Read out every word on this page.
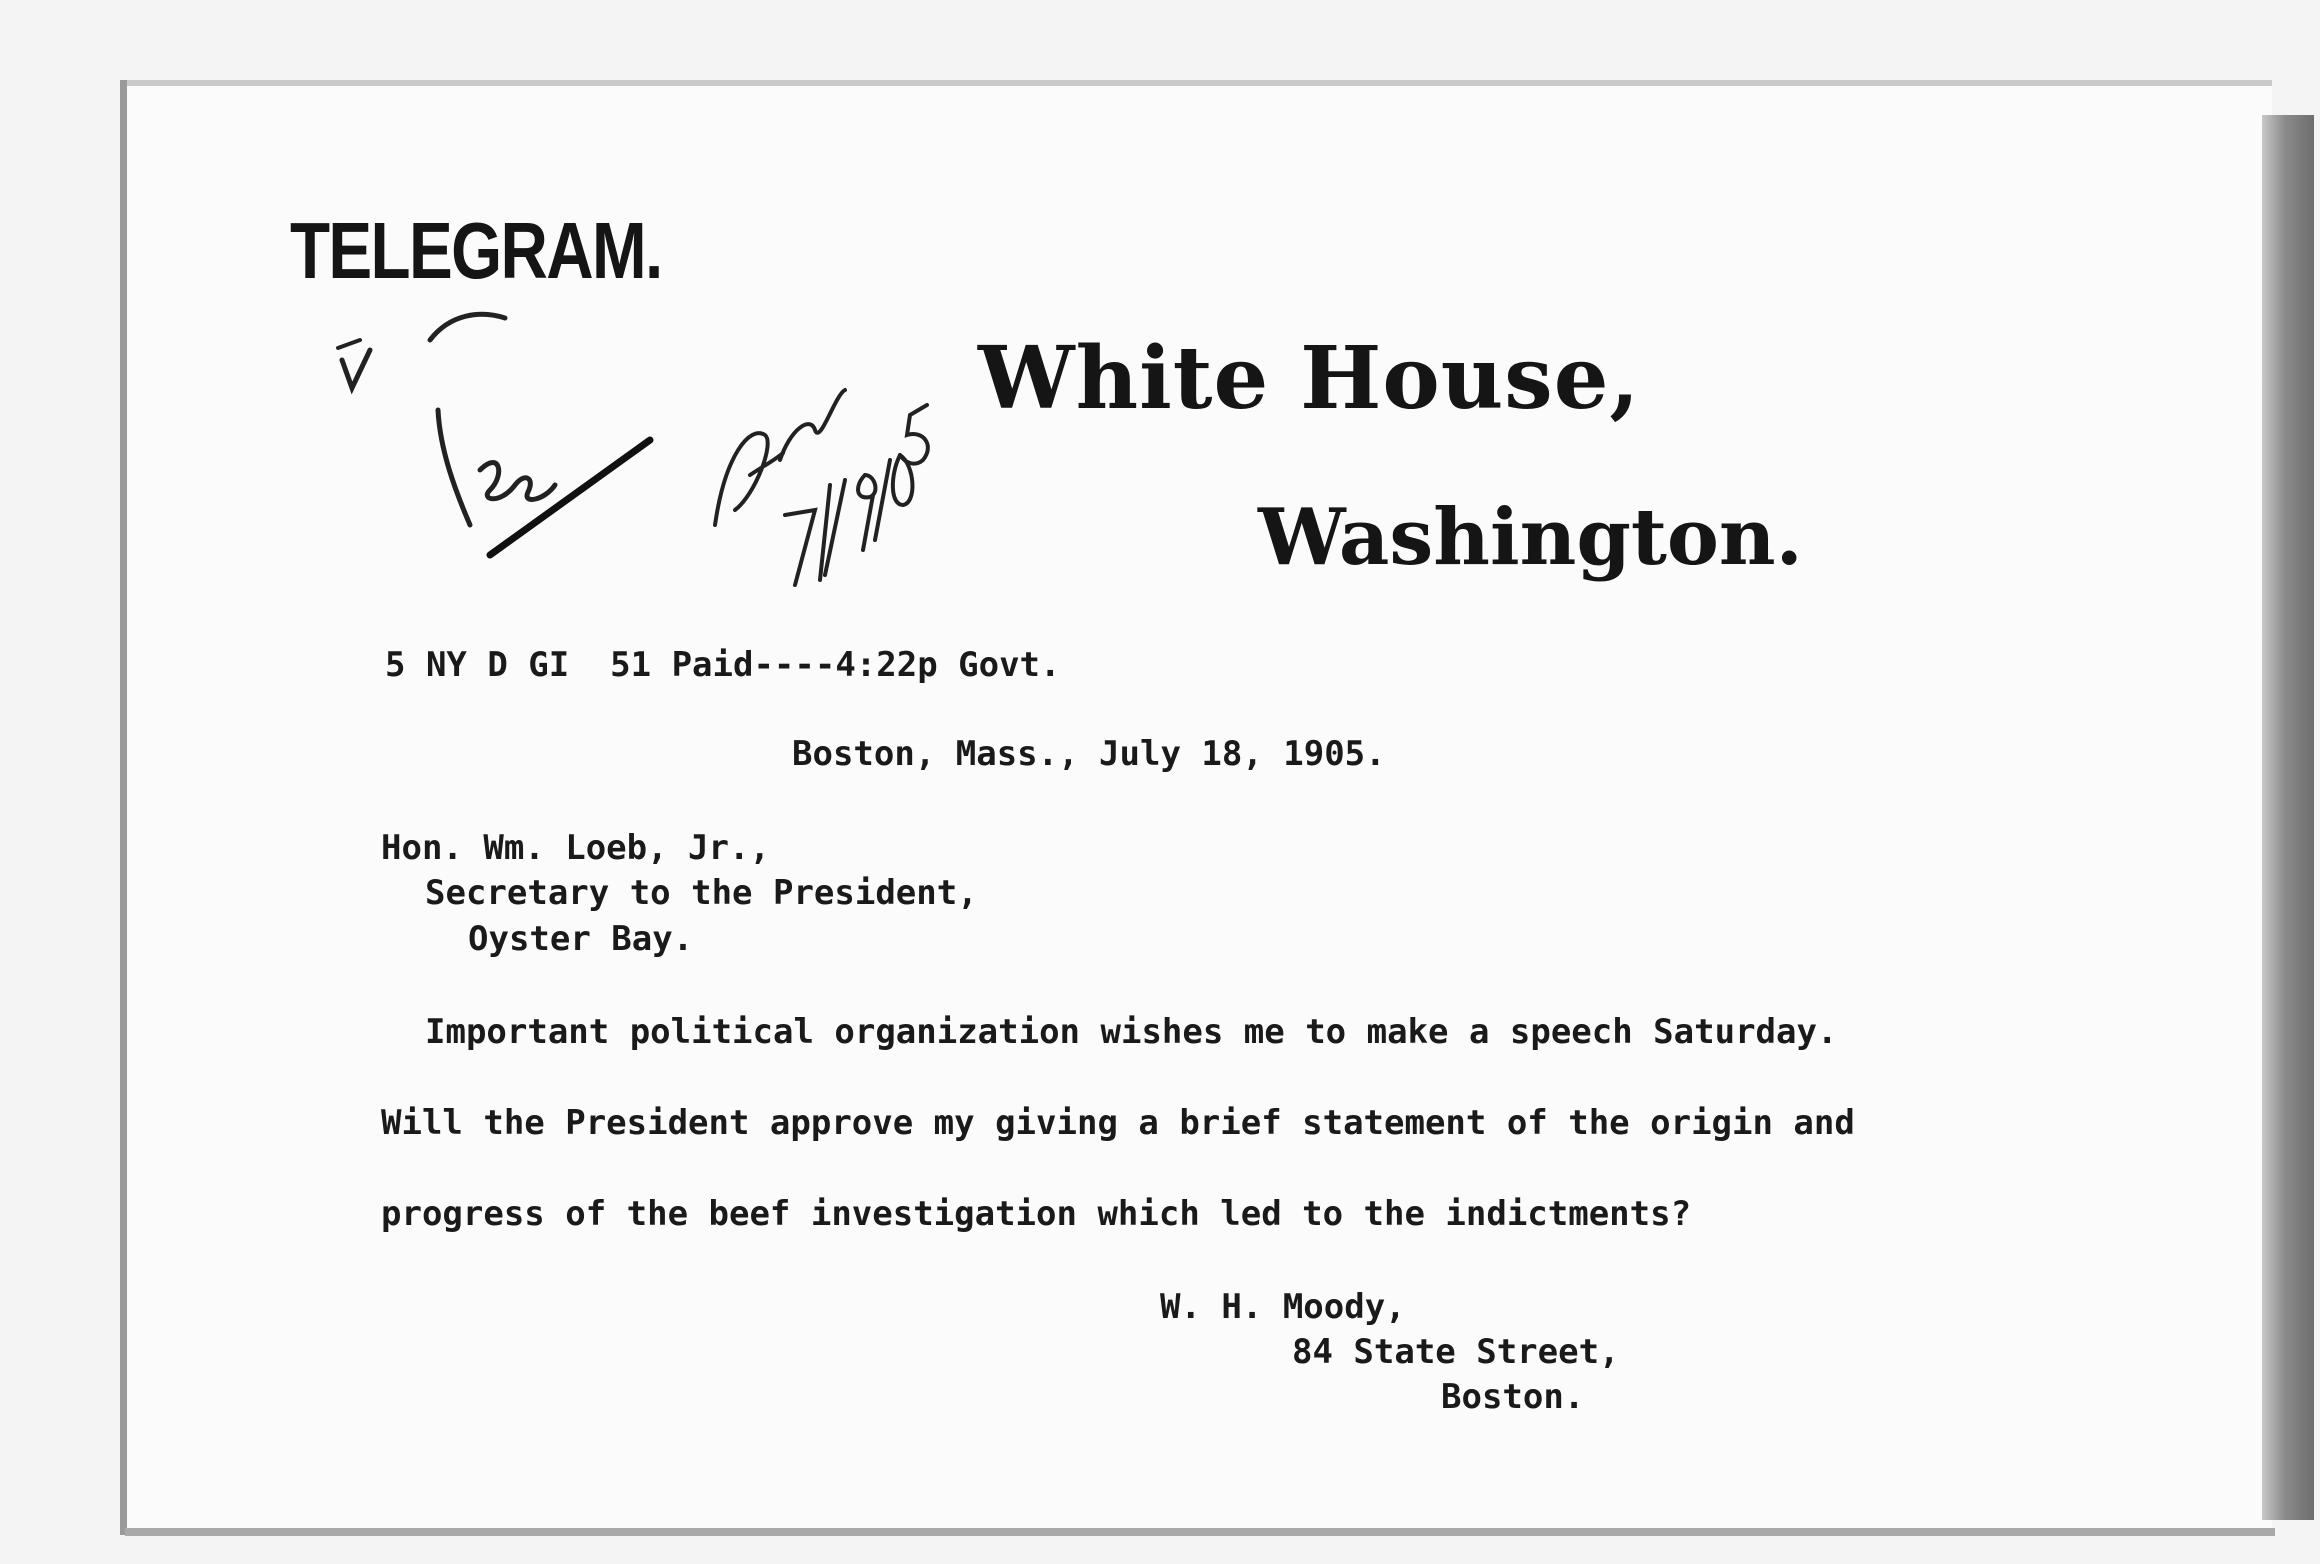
TELEGRAM.
White House,
Washington.
5 NY D GI  51 Paid----4:22p Govt.
Boston, Mass., July 18, 1905.
Hon. Wm. Loeb, Jr.,
Secretary to the President,
Oyster Bay.
Important political organization wishes me to make a speech Saturday.
Will the President approve my giving a brief statement of the origin and
progress of the beef investigation which led to the indictments?
W. H. Moody,
84 State Street,
Boston.
